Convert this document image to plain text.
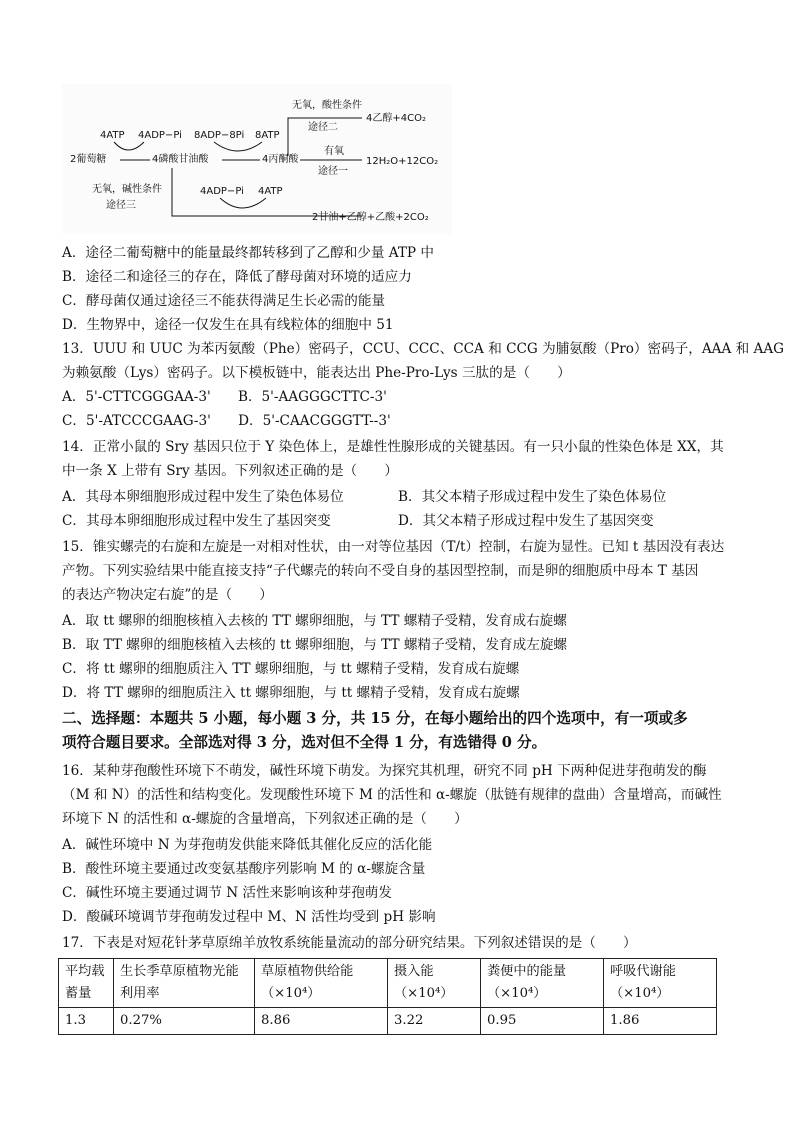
2葡萄糖
4ATP 4ADP−Pi
4磷酸甘油酸
8ADP−8Pi 8ATP
4丙酮酸
无氧，酸性条件
途径二
4乙醇+4CO₂
有氧
途径一
12H₂O+12CO₂
无氧，碱性条件
途径三
4ADP−Pi 4ATP
2甘油+乙醇+乙酸+2CO₂
A．途径二葡萄糖中的能量最终都转移到了乙醇和少量 ATP 中
B．途径二和途径三的存在，降低了酵母菌对环境的适应力
C．酵母菌仅通过途径三不能获得满足生长必需的能量
D．生物界中，途径一仅发生在具有线粒体的细胞中 51
13．UUU 和 UUC 为苯丙氨酸（Phe）密码子，CCU、CCC、CCA 和 CCG 为脯氨酸（Pro）密码子，AAA 和 AAG
为赖氨酸（Lys）密码子。以下模板链中，能表达出 Phe-Pro-Lys 三肽的是（　　）
A．5'-CTTCGGGAA-3'　　B．5'-AAGGGCTTC-3'
C．5'-ATCCCGAAG-3'　　D．5'-CAACGGGTT--3'
14．正常小鼠的 Sry 基因只位于 Y 染色体上，是雄性性腺形成的关键基因。有一只小鼠的性染色体是 XX，其
中一条 X 上带有 Sry 基因。下列叙述正确的是（　　）
A．其母本卵细胞形成过程中发生了染色体易位
C．其母本卵细胞形成过程中发生了基因突变
15．锥实螺壳的右旋和左旋是一对相对性状，由一对等位基因（T/t）控制，右旋为显性。已知 t 基因没有表达
产物。下列实验结果中能直接支持“子代螺壳的转向不受自身的基因型控制，而是卵的细胞质中母本 T 基因
的表达产物决定右旋”的是（　　）
A．取 tt 螺卵的细胞核植入去核的 TT 螺卵细胞，与 TT 螺精子受精，发育成右旋螺
B．取 TT 螺卵的细胞核植入去核的 tt 螺卵细胞，与 TT 螺精子受精，发育成左旋螺
C．将 tt 螺卵的细胞质注入 TT 螺卵细胞，与 tt 螺精子受精，发育成右旋螺
D．将 TT 螺卵的细胞质注入 tt 螺卵细胞，与 tt 螺精子受精，发育成右旋螺
16．某种芽孢酸性环境下不萌发，碱性环境下萌发。为探究其机理，研究不同 pH 下两种促进芽孢萌发的酶
（M 和 N）的活性和结构变化。发现酸性环境下 M 的活性和 α-螺旋（肽链有规律的盘曲）含量增高，而碱性
环境下 N 的活性和 α-螺旋的含量增高，下列叙述正确的是（　　）
A．碱性环境中 N 为芽孢萌发供能来降低其催化反应的活化能
B．酸性环境主要通过改变氨基酸序列影响 M 的 α-螺旋含量
C．碱性环境主要通过调节 N 活性来影响该种芽孢萌发
D．酸碱环境调节芽孢萌发过程中 M、N 活性均受到 pH 影响
17．下表是对短花针茅草原绵羊放牧系统能量流动的部分研究结果。下列叙述错误的是（　　）
B．其父本精子形成过程中发生了染色体易位
D．其父本精子形成过程中发生了基因突变
二、选择题：本题共 5 小题，每小题 3 分，共 15 分，在每小题给出的四个选项中，有一项或多
项符合题目要求。全部选对得 3 分，选对但不全得 1 分，有选错得 0 分。
平均载蓄量	生长季草原植物光能利用率	草原植物供给能（×10⁴）	摄入能（×10⁴）	粪便中的能量（×10⁴）	呼吸代谢能（×10⁴）
1.3	0.27%	8.86	3.22	0.95	1.86
